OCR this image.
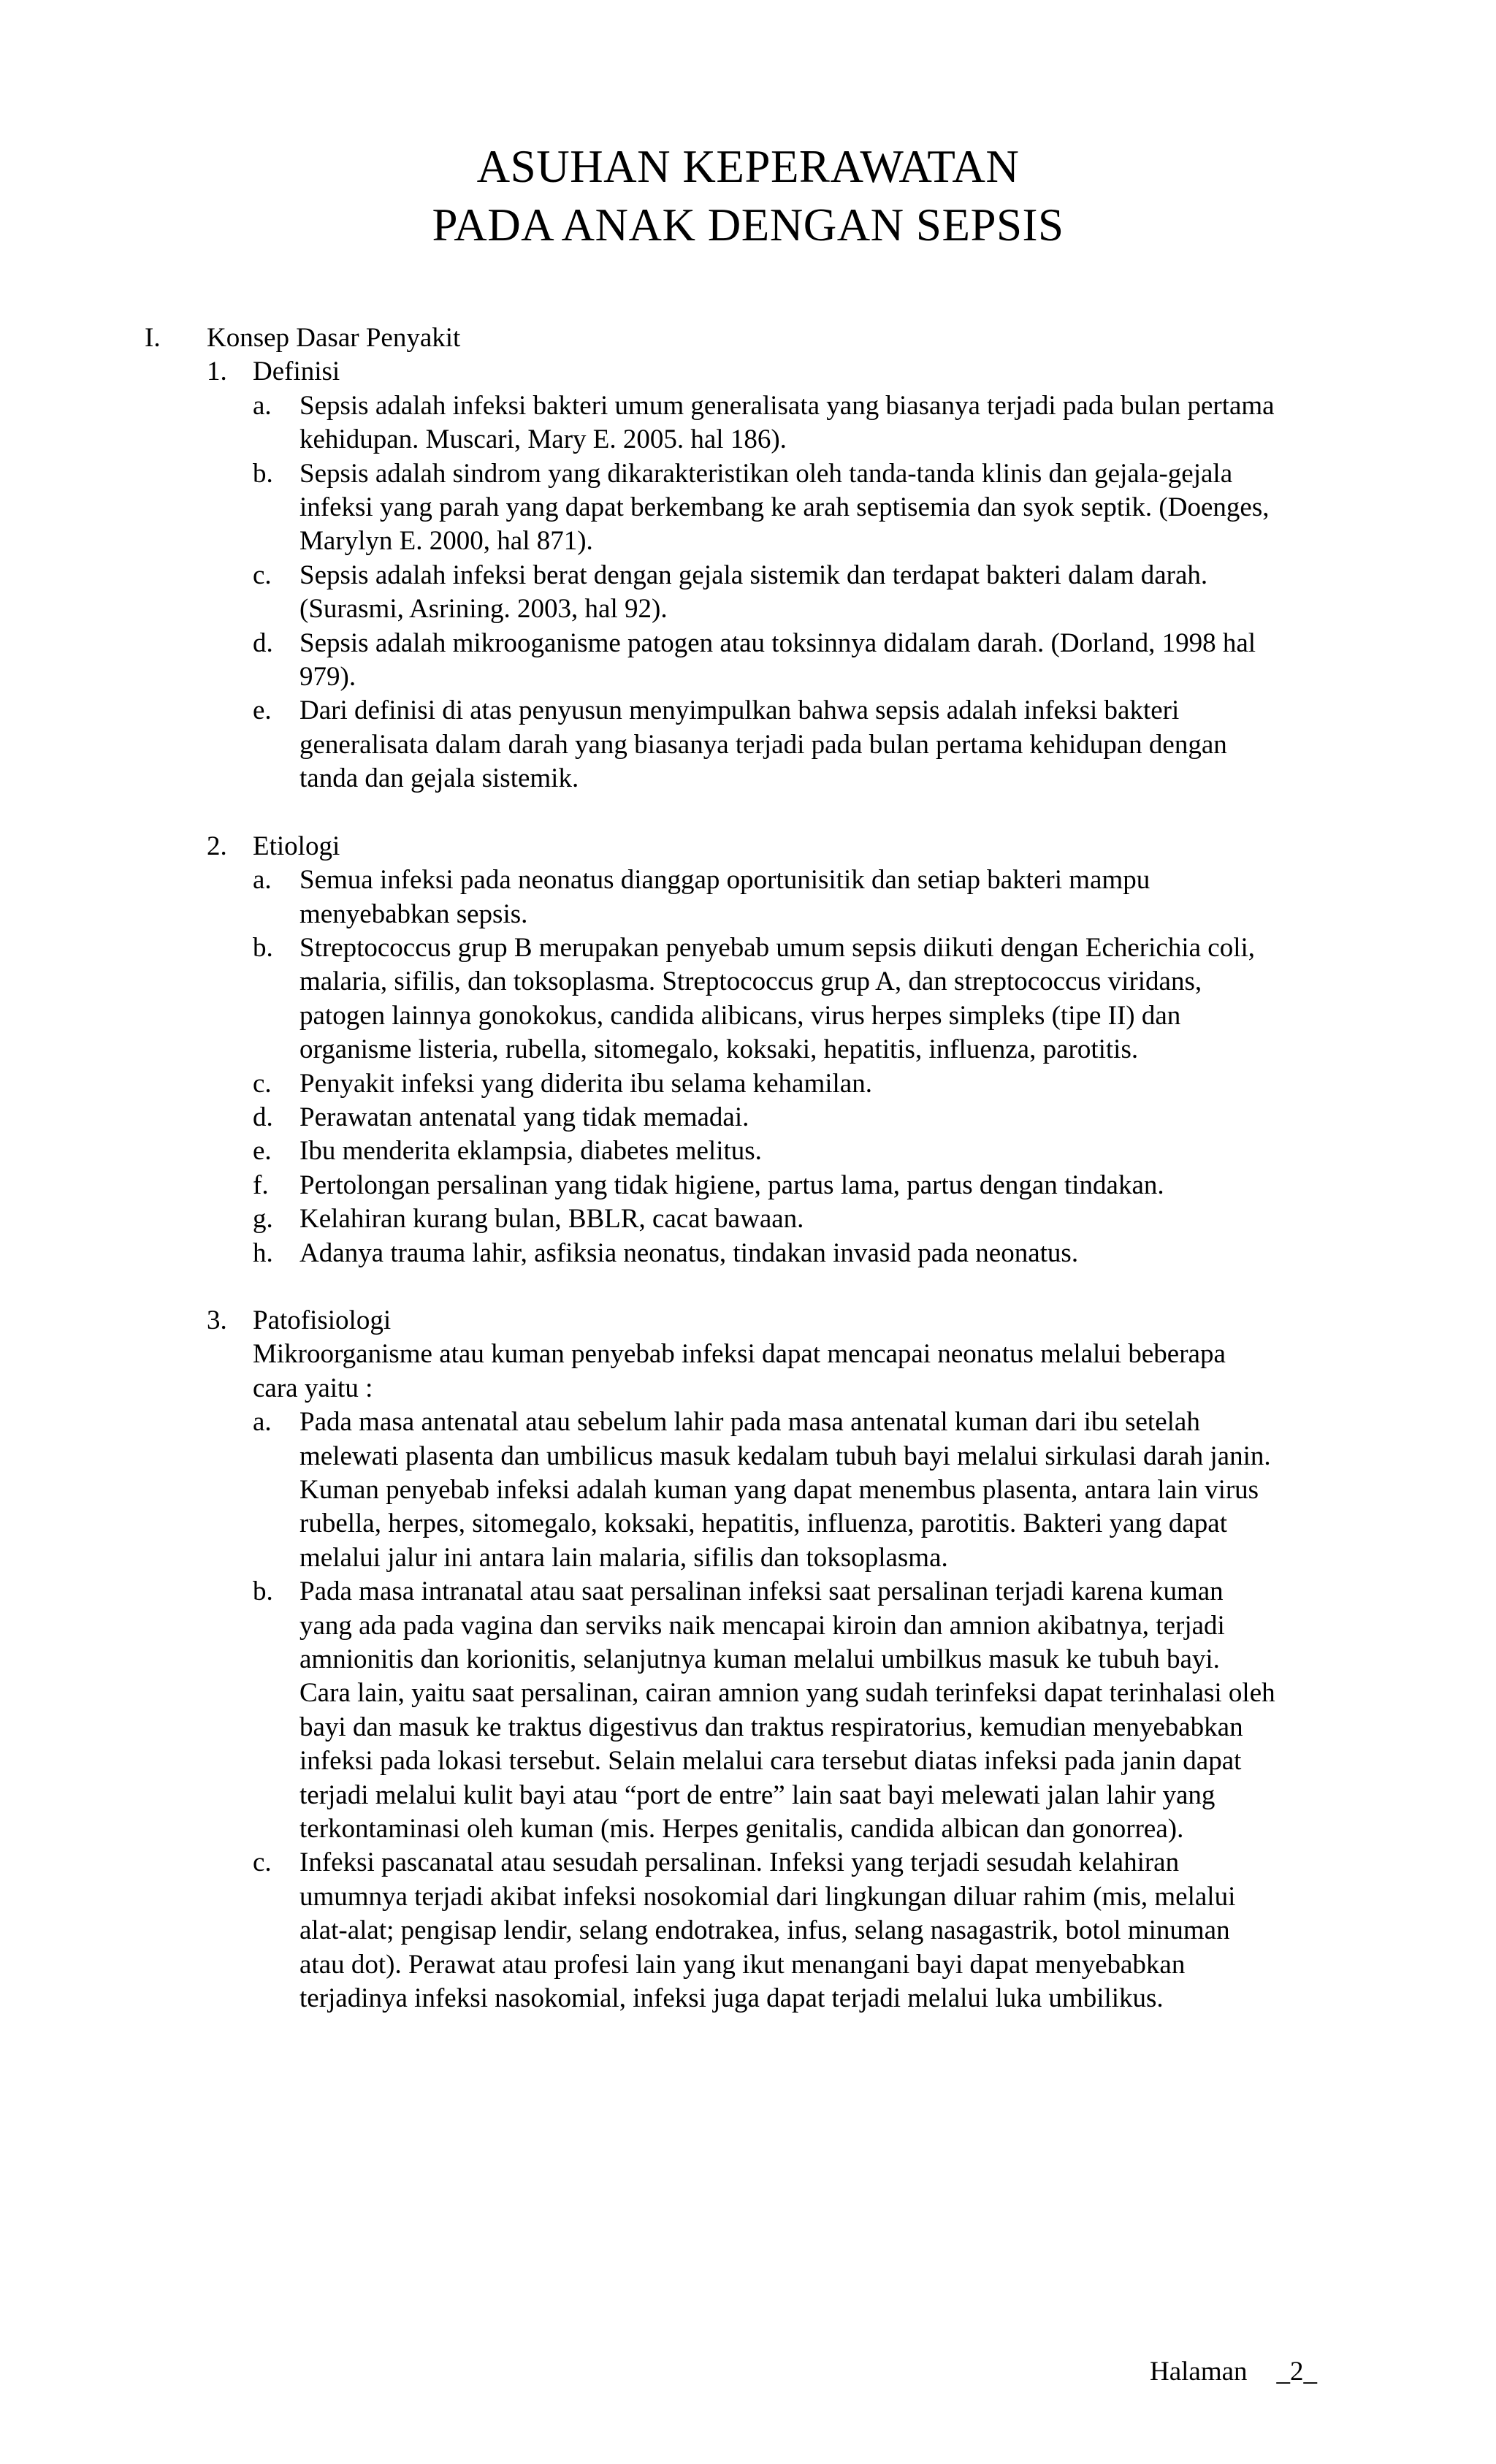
ASUHAN KEPERAWATAN
PADA ANAK DENGAN SEPSIS
I. Konsep Dasar Penyakit
1. Definisi
a. Sepsis adalah infeksi bakteri umum generalisata yang biasanya terjadi pada bulan pertama
kehidupan. Muscari, Mary E. 2005. hal 186).
b. Sepsis adalah sindrom yang dikarakteristikan oleh tanda-tanda klinis dan gejala-gejala
infeksi yang parah yang dapat berkembang ke arah septisemia dan syok septik. (Doenges,
Marylyn E. 2000, hal 871).
c. Sepsis adalah infeksi berat dengan gejala sistemik dan terdapat bakteri dalam darah.
(Surasmi, Asrining. 2003, hal 92).
d. Sepsis adalah mikrooganisme patogen atau toksinnya didalam darah. (Dorland, 1998 hal
979).
e. Dari definisi di atas penyusun menyimpulkan bahwa sepsis adalah infeksi bakteri
generalisata dalam darah yang biasanya terjadi pada bulan pertama kehidupan dengan
tanda dan gejala sistemik.
2. Etiologi
a. Semua infeksi pada neonatus dianggap oportunisitik dan setiap bakteri mampu
menyebabkan sepsis.
b. Streptococcus grup B merupakan penyebab umum sepsis diikuti dengan Echerichia coli,
malaria, sifilis, dan toksoplasma. Streptococcus grup A, dan streptococcus viridans,
patogen lainnya gonokokus, candida alibicans, virus herpes simpleks (tipe II) dan
organisme listeria, rubella, sitomegalo, koksaki, hepatitis, influenza, parotitis.
c. Penyakit infeksi yang diderita ibu selama kehamilan.
d. Perawatan antenatal yang tidak memadai.
e. Ibu menderita eklampsia, diabetes melitus.
f. Pertolongan persalinan yang tidak higiene, partus lama, partus dengan tindakan.
g. Kelahiran kurang bulan, BBLR, cacat bawaan.
h. Adanya trauma lahir, asfiksia neonatus, tindakan invasid pada neonatus.
3. Patofisiologi
Mikroorganisme atau kuman penyebab infeksi dapat mencapai neonatus melalui beberapa
cara yaitu :
a. Pada masa antenatal atau sebelum lahir pada masa antenatal kuman dari ibu setelah
melewati plasenta dan umbilicus masuk kedalam tubuh bayi melalui sirkulasi darah janin.
Kuman penyebab infeksi adalah kuman yang dapat menembus plasenta, antara lain virus
rubella, herpes, sitomegalo, koksaki, hepatitis, influenza, parotitis. Bakteri yang dapat
melalui jalur ini antara lain malaria, sifilis dan toksoplasma.
b. Pada masa intranatal atau saat persalinan infeksi saat persalinan terjadi karena kuman
yang ada pada vagina dan serviks naik mencapai kiroin dan amnion akibatnya, terjadi
amnionitis dan korionitis, selanjutnya kuman melalui umbilkus masuk ke tubuh bayi.
Cara lain, yaitu saat persalinan, cairan amnion yang sudah terinfeksi dapat terinhalasi oleh
bayi dan masuk ke traktus digestivus dan traktus respiratorius, kemudian menyebabkan
infeksi pada lokasi tersebut. Selain melalui cara tersebut diatas infeksi pada janin dapat
terjadi melalui kulit bayi atau “port de entre” lain saat bayi melewati jalan lahir yang
terkontaminasi oleh kuman (mis. Herpes genitalis, candida albican dan gonorrea).
c. Infeksi pascanatal atau sesudah persalinan. Infeksi yang terjadi sesudah kelahiran
umumnya terjadi akibat infeksi nosokomial dari lingkungan diluar rahim (mis, melalui
alat-alat; pengisap lendir, selang endotrakea, infus, selang nasagastrik, botol minuman
atau dot). Perawat atau profesi lain yang ikut menangani bayi dapat menyebabkan
terjadinya infeksi nasokomial, infeksi juga dapat terjadi melalui luka umbilikus.
Halaman _2_
